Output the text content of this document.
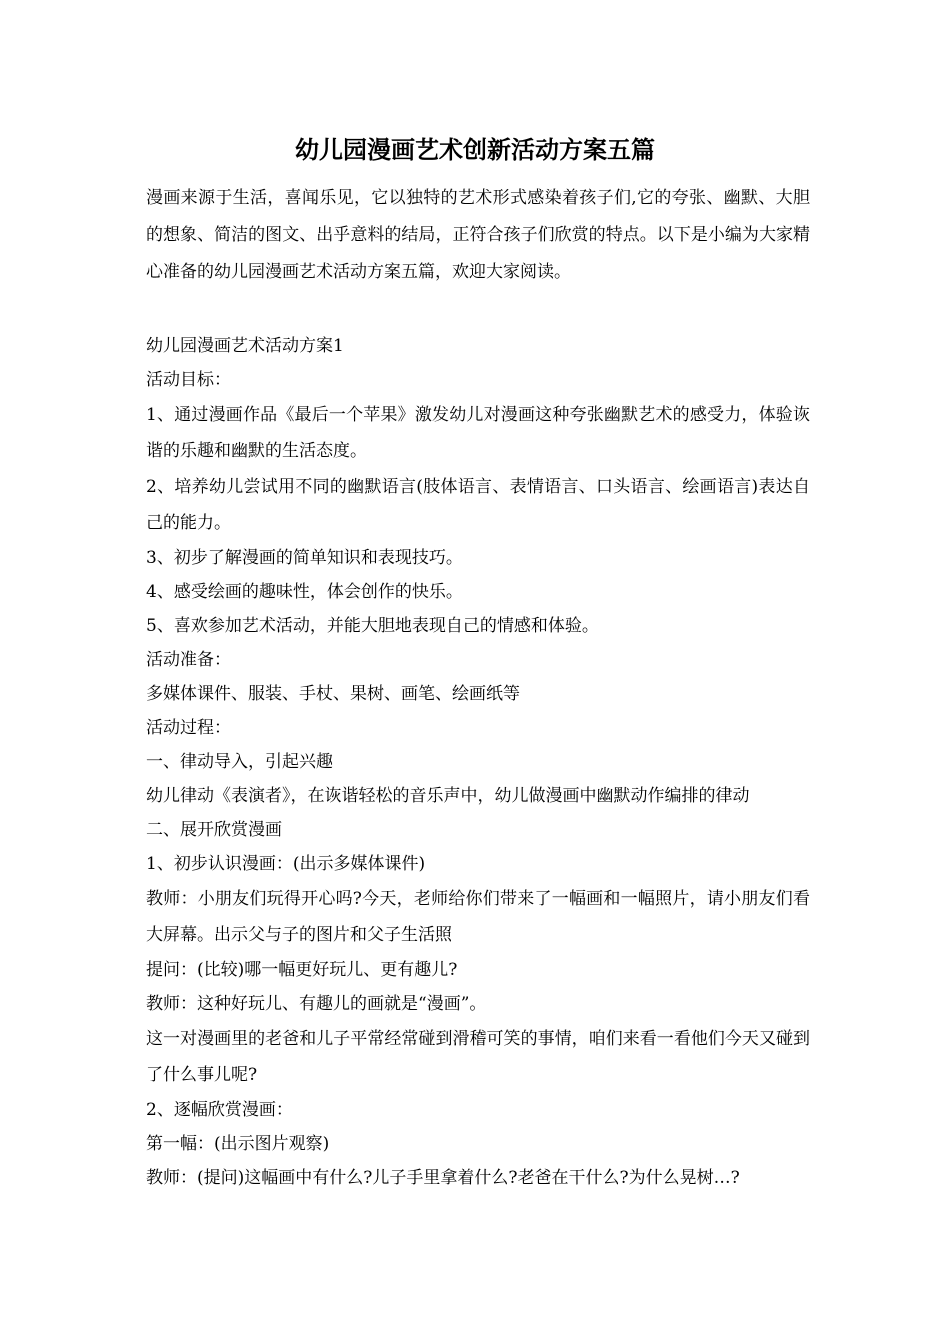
幼儿园漫画艺术创新活动方案五篇

漫画来源于生活，喜闻乐见，它以独特的艺术形式感染着孩子们,它的夸张、幽默、大胆的想象、简洁的图文、出乎意料的结局，正符合孩子们欣赏的特点。以下是小编为大家精心准备的幼儿园漫画艺术活动方案五篇，欢迎大家阅读。

幼儿园漫画艺术活动方案1

活动目标：

1、通过漫画作品《最后一个苹果》激发幼儿对漫画这种夸张幽默艺术的感受力，体验诙谐的乐趣和幽默的生活态度。

2、培养幼儿尝试用不同的幽默语言(肢体语言、表情语言、口头语言、绘画语言)表达自己的能力。

3、初步了解漫画的简单知识和表现技巧。

4、感受绘画的趣味性，体会创作的快乐。

5、喜欢参加艺术活动，并能大胆地表现自己的情感和体验。

活动准备：

多媒体课件、服装、手杖、果树、画笔、绘画纸等

活动过程：

一、律动导入，引起兴趣

幼儿律动《表演者》，在诙谐轻松的音乐声中，幼儿做漫画中幽默动作编排的律动

二、展开欣赏漫画

1、初步认识漫画：(出示多媒体课件)

教师：小朋友们玩得开心吗?今天，老师给你们带来了一幅画和一幅照片，请小朋友们看大屏幕。出示父与子的图片和父子生活照

提问：(比较)哪一幅更好玩儿、更有趣儿?

教师：这种好玩儿、有趣儿的画就是“漫画”。

这一对漫画里的老爸和儿子平常经常碰到滑稽可笑的事情，咱们来看一看他们今天又碰到了什么事儿呢?

2、逐幅欣赏漫画：

第一幅：(出示图片观察)

教师：(提问)这幅画中有什么?儿子手里拿着什么?老爸在干什么?为什么晃树…?
